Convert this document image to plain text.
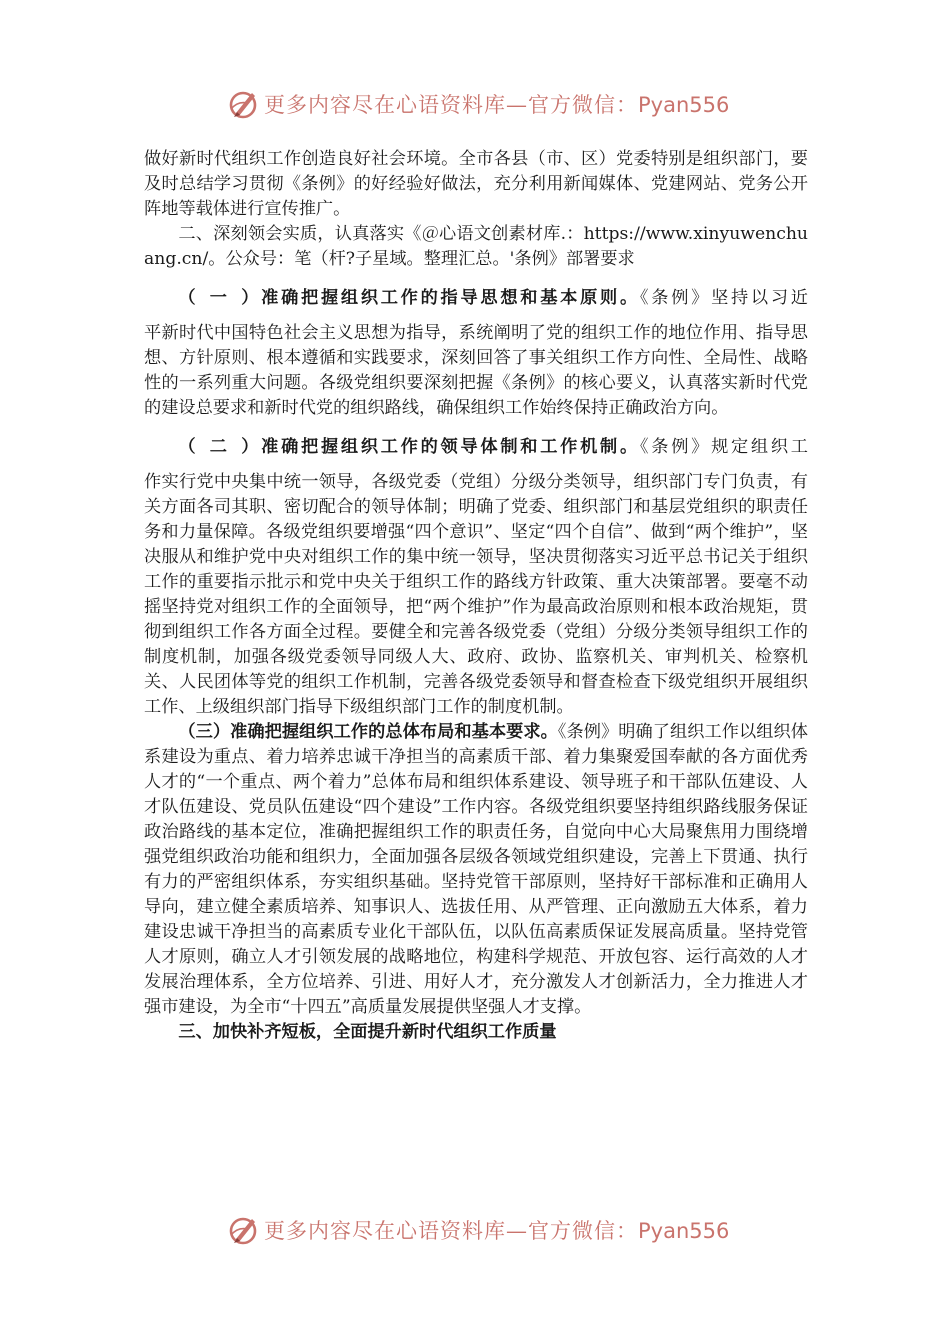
更多内容尽在心语资料库—官方微信：Pyan556

做好新时代组织工作创造良好社会环境。全市各县（市、区）党委特别是组织部门，要及时总结学习贯彻《条例》的好经验好做法，充分利用新闻媒体、党建网站、党务公开阵地等载体进行宣传推广。

二、深刻领会实质，认真落实《＠心语文创素材库.：https://www.xinyuwenchuang.cn/。公众号：笔（杆?子星域。整理汇总。'条例》部署要求

（一）准确把握组织工作的指导思想和基本原则。《条例》坚持以习近

平新时代中国特色社会主义思想为指导，系统阐明了党的组织工作的地位作用、指导思想、方针原则、根本遵循和实践要求，深刻回答了事关组织工作方向性、全局性、战略性的一系列重大问题。各级党组织要深刻把握《条例》的核心要义，认真落实新时代党的建设总要求和新时代党的组织路线，确保组织工作始终保持正确政治方向。

（二）准确把握组织工作的领导体制和工作机制。《条例》规定组织工

作实行党中央集中统一领导，各级党委（党组）分级分类领导，组织部门专门负责，有关方面各司其职、密切配合的领导体制；明确了党委、组织部门和基层党组织的职责任务和力量保障。各级党组织要增强“四个意识”、坚定“四个自信”、做到“两个维护”，坚决服从和维护党中央对组织工作的集中统一领导，坚决贯彻落实习近平总书记关于组织工作的重要指示批示和党中央关于组织工作的路线方针政策、重大决策部署。要毫不动摇坚持党对组织工作的全面领导，把“两个维护”作为最高政治原则和根本政治规矩，贯彻到组织工作各方面全过程。要健全和完善各级党委（党组）分级分类领导组织工作的制度机制，加强各级党委领导同级人大、政府、政协、监察机关、审判机关、检察机关、人民团体等党的组织工作机制，完善各级党委领导和督查检查下级党组织开展组织工作、上级组织部门指导下级组织部门工作的制度机制。

（三）准确把握组织工作的总体布局和基本要求。《条例》明确了组织工作以组织体系建设为重点、着力培养忠诚干净担当的高素质干部、着力集聚爱国奉献的各方面优秀人才的“一个重点、两个着力”总体布局和组织体系建设、领导班子和干部队伍建设、人才队伍建设、党员队伍建设“四个建设”工作内容。各级党组织要坚持组织路线服务保证政治路线的基本定位，准确把握组织工作的职责任务，自觉向中心大局聚焦用力围绕增强党组织政治功能和组织力，全面加强各层级各领域党组织建设，完善上下贯通、执行有力的严密组织体系，夯实组织基础。坚持党管干部原则，坚持好干部标准和正确用人导向，建立健全素质培养、知事识人、选拔任用、从严管理、正向激励五大体系，着力建设忠诚干净担当的高素质专业化干部队伍，以队伍高素质保证发展高质量。坚持党管人才原则，确立人才引领发展的战略地位，构建科学规范、开放包容、运行高效的人才发展治理体系，全方位培养、引进、用好人才，充分激发人才创新活力，全力推进人才强市建设，为全市“十四五”高质量发展提供坚强人才支撑。

三、加快补齐短板，全面提升新时代组织工作质量

更多内容尽在心语资料库—官方微信：Pyan556
